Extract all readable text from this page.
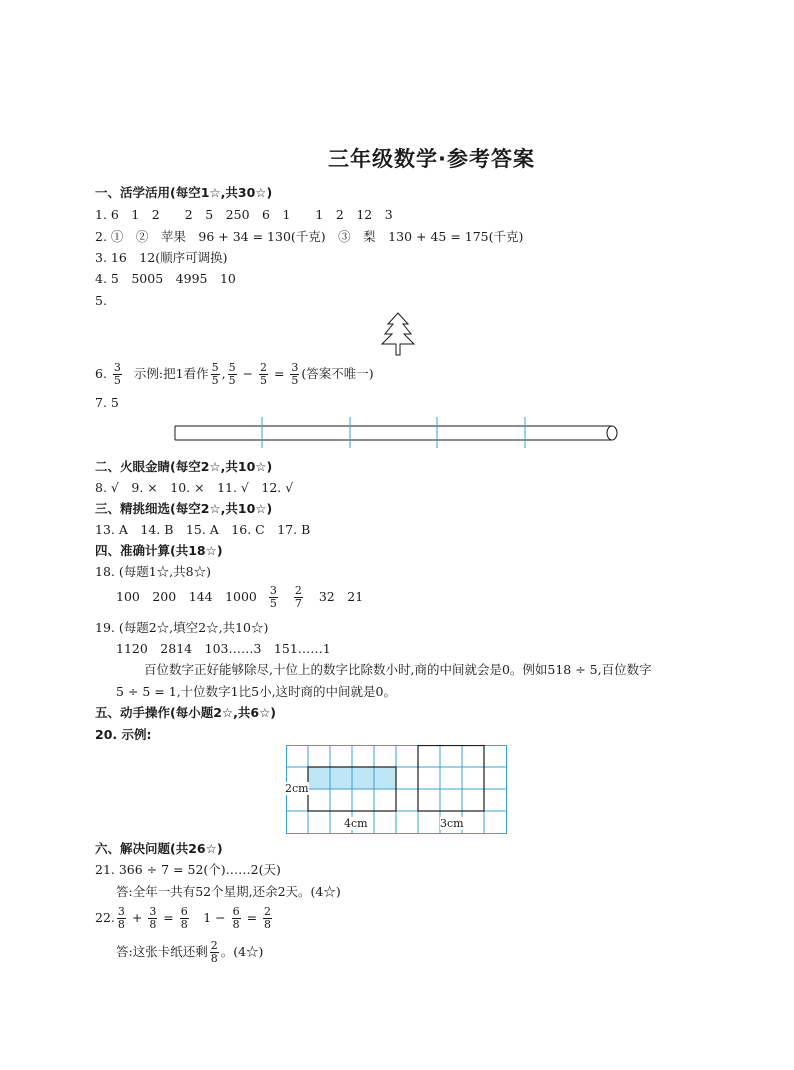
三年级数学·参考答案
一、活学活用(每空1☆,共30☆)
1. 6　1　2　　2　5　250　6　1　　1　2　12　3
2. ①　②　苹果　96 + 34 = 130(千克)　③　梨　130 + 45 = 175(千克)
3. 16　12(顺序可调换)
4. 5　5005　4995　10
5.
6. $\frac{3}{5}$ 示例:把1看作 $\frac{5}{5}$ , $\frac{5}{5} - \frac{2}{5} = \frac{3}{5}$ (答案不唯一)
7. 5
二、火眼金睛(每空2☆,共10☆)
8. √　9. ×　10. ×　11. √　12. √
三、精挑细选(每空2☆,共10☆)
13. A　14. B　15. A　16. C　17. B
四、准确计算(共18☆)
18. (每题1☆,共8☆)
100　200　144　$1000 \frac{3}{5}$
$\frac{2}{7} 32$　21
19. (每题2☆,填空2☆,共10☆)
1120　2814　103……3　151……1
百位数字正好能够除尽,十位上的数字比除数小时,商的中间就会是0。例如518 ÷ 5,百位数字
5 ÷ 5 = 1,十位数字1比5小,这时商的中间就是0。
五、动手操作(每小题2☆,共6☆)
20. 示例:
2cm
4cm	3cm
六、解决问题(共26☆)
21. 366 ÷ 7 = 52(个)……2(天)
答:全年一共有52个星期,还余2天。(4☆)
22. $\frac{3}{8} + \frac{3}{8} = \frac{6}{8}$ 　$1 - \frac{6}{8} = \frac{2}{8}$
答:这张卡纸还剩 $\frac{2}{8}$ 。(4☆)
